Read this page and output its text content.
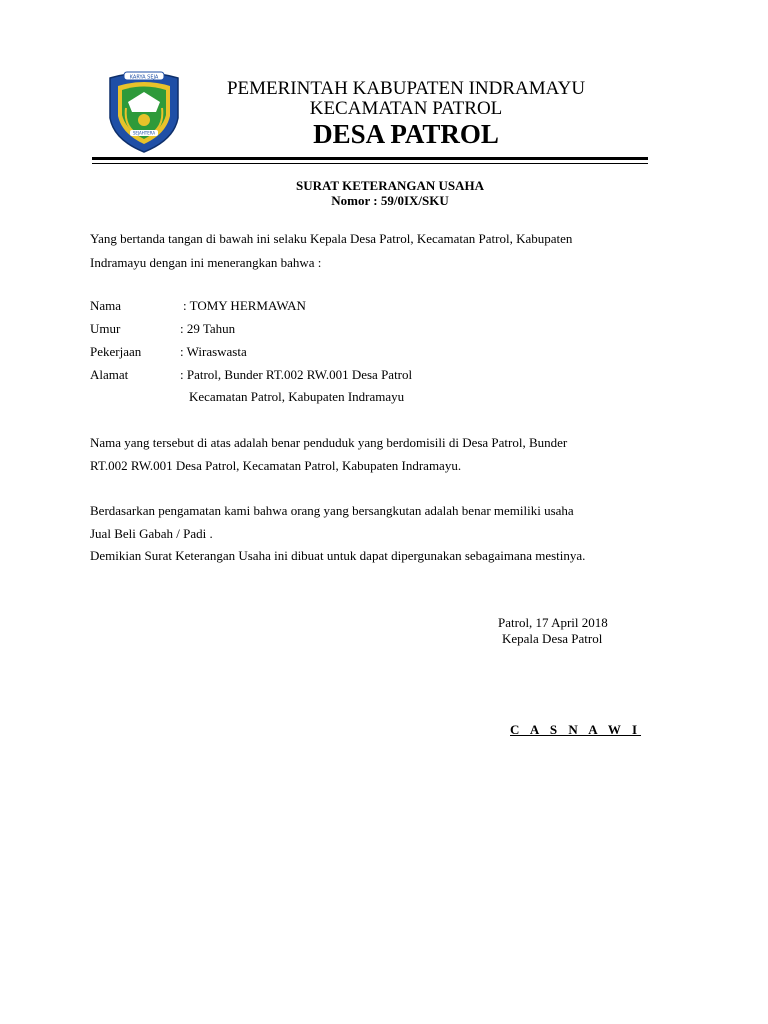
KARYA SEJA
SEJAHTERA
PEMERINTAH KABUPATEN INDRAMAYU
KECAMATAN PATROL
DESA PATROL
SURAT KETERANGAN USAHA
Nomor : 59/0IX/SKU
Yang bertanda tangan di bawah ini selaku Kepala Desa Patrol, Kecamatan Patrol, Kabupaten
Indramayu dengan ini menerangkan bahwa :
Nama	: TOMY HERMAWAN
Umur	: 29 Tahun
Pekerjaan	: Wiraswasta
Alamat	: Patrol, Bunder RT.002 RW.001 Desa Patrol
Kecamatan Patrol, Kabupaten Indramayu
Nama yang tersebut di atas adalah benar penduduk yang berdomisili di Desa Patrol, Bunder
RT.002 RW.001 Desa Patrol, Kecamatan Patrol, Kabupaten Indramayu.
Berdasarkan pengamatan kami bahwa orang yang bersangkutan adalah benar memiliki usaha
Jual Beli Gabah / Padi .
Demikian Surat Keterangan Usaha ini dibuat untuk dapat dipergunakan sebagaimana mestinya.
Patrol, 17 April 2018
Kepala Desa Patrol
C A S N A W I
